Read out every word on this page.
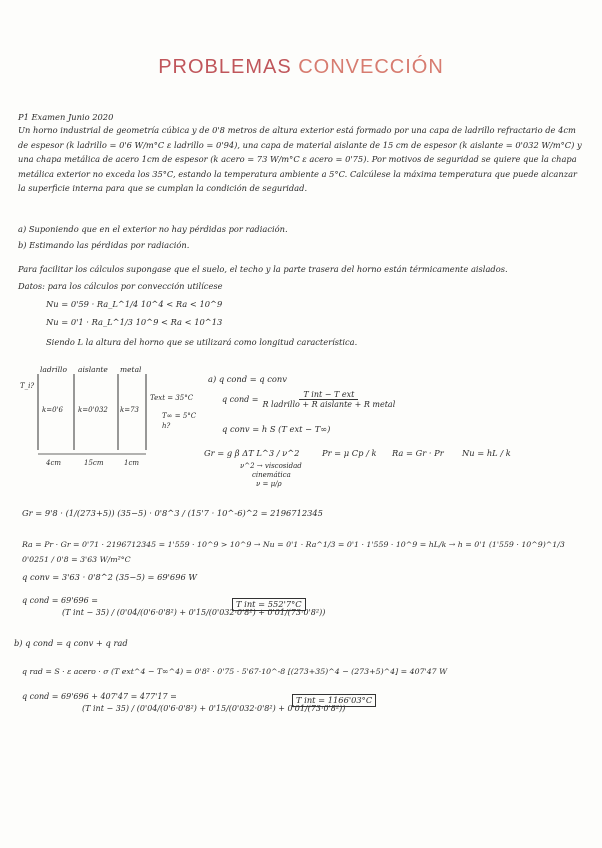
PROBLEMAS CONVECCIÓN
P1 Examen Junio 2020
Un horno industrial de geometría cúbica y de 0'8 metros de altura exterior está formado por una capa de ladrillo refractario de 4cm de espesor (k ladrillo = 0'6 W/m°C ε ladrillo = 0'94), una capa de material aislante de 15 cm de espesor (k aislante = 0'032 W/m°C) y una chapa metálica de acero 1cm de espesor (k acero = 73 W/m°C ε acero = 0'75). Por motivos de seguridad se quiere que la chapa metálica exterior no exceda los 35°C, estando la temperatura ambiente a 5°C. Calcúlese la máxima temperatura que puede alcanzar la superficie interna para que se cumplan la condición de seguridad.
a) Suponiendo que en el exterior no hay pérdidas por radiación.
b) Estimando las pérdidas por radiación.
Para facilitar los cálculos supongase que el suelo, el techo y la parte trasera del horno están térmicamente aislados.
Datos: para los cálculos por convección utilícese
Nu = 0'59 · Ra_L^1/4 10^4 < Ra < 10^9
Nu = 0'1 · Ra_L^1/3 10^9 < Ra < 10^13
Siendo L la altura del horno que se utilizará como longitud característica.
ladrillo aislante metal
k=0'6 k=0'032 k=73
T_i?
Text = 35°C
T∞ = 5°C
h?
4cm	15cm	1cm
a) q cond = q conv
q cond =
T int − T ext
R ladrillo + R aislante + R metal
q conv = h S (T ext − T∞)
Gr = g β ΔT L^3 / ν^2	Pr = μ Cp / k Ra = Gr · Pr Nu = hL / k
ν^2 → viscosidad
cinemática
ν = μ/ρ
Gr = 9'8 · (1/(273+5)) (35−5) · 0'8^3 / (15'7 · 10^-6)^2 = 2196712345
Ra = Pr · Gr = 0'71 · 2196712345 = 1'559 · 10^9 > 10^9 → Nu = 0'1 · Ra^1/3 = 0'1 · 1'559 · 10^9 = hL/k → h = 0'1 (1'559 · 10^9)^1/3 0'0251 / 0'8 = 3'63 W/m²°C
q conv = 3'63 · 0'8^2 (35−5) = 69'696 W
q cond = 69'696 =
(T int − 35) / (0'04/(0'6·0'8²) + 0'15/(0'032·0'8²) + 0'01/(73·0'8²))
T int = 552'7°C
b) q cond = q conv + q rad
q rad = S · ε acero · σ (T ext^4 − T∞^4) = 0'8² · 0'75 · 5'67·10^-8 [(273+35)^4 − (273+5)^4] = 407'47 W
q cond = 69'696 + 407'47 = 477'17 =
(T int − 35) / (0'04/(0'6·0'8²) + 0'15/(0'032·0'8²) + 0'01/(73·0'8²))
T int = 1166'03°C
